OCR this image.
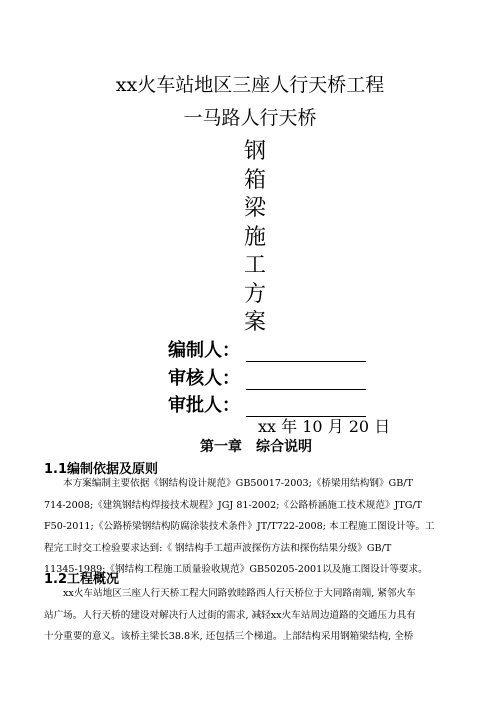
xx火车站地区三座人行天桥工程
一马路人行天桥
钢
箱
梁
施
工
方
案
编制人：
审核人：
审批人：
xx 年 10 月 20 日
第一章 综合说明
1.1编制依据及原则
本方案编制主要依据《钢结构设计规范》GB50017-2003;《桥梁用结构钢》GB/T
714-2008;《建筑钢结构焊接技术规程》JGJ 81-2002;《公路桥涵施工技术规范》JTG/T
F50-2011;《公路桥梁钢结构防腐涂装技术条件》JT/T722-2008; 本工程施工图设计等。工
程完工时交工检验要求达到:《 钢结构手工超声波探伤方法和探伤结果分级》GB/T
11345-1989;《钢结构工程施工质量验收规范》GB50205-2001以及施工图设计等要求。
1.2工程概况
xx火车站地区三座人行天桥工程大同路敦睦路西人行天桥位于大同路南端, 紧邻火车
站广场。人行天桥的建设对解决行人过街的需求, 减轻xx火车站周边道路的交通压力具有
十分重要的意义。该桥主梁长38.8米, 还包括三个梯道。上部结构采用钢箱梁结构, 全桥
